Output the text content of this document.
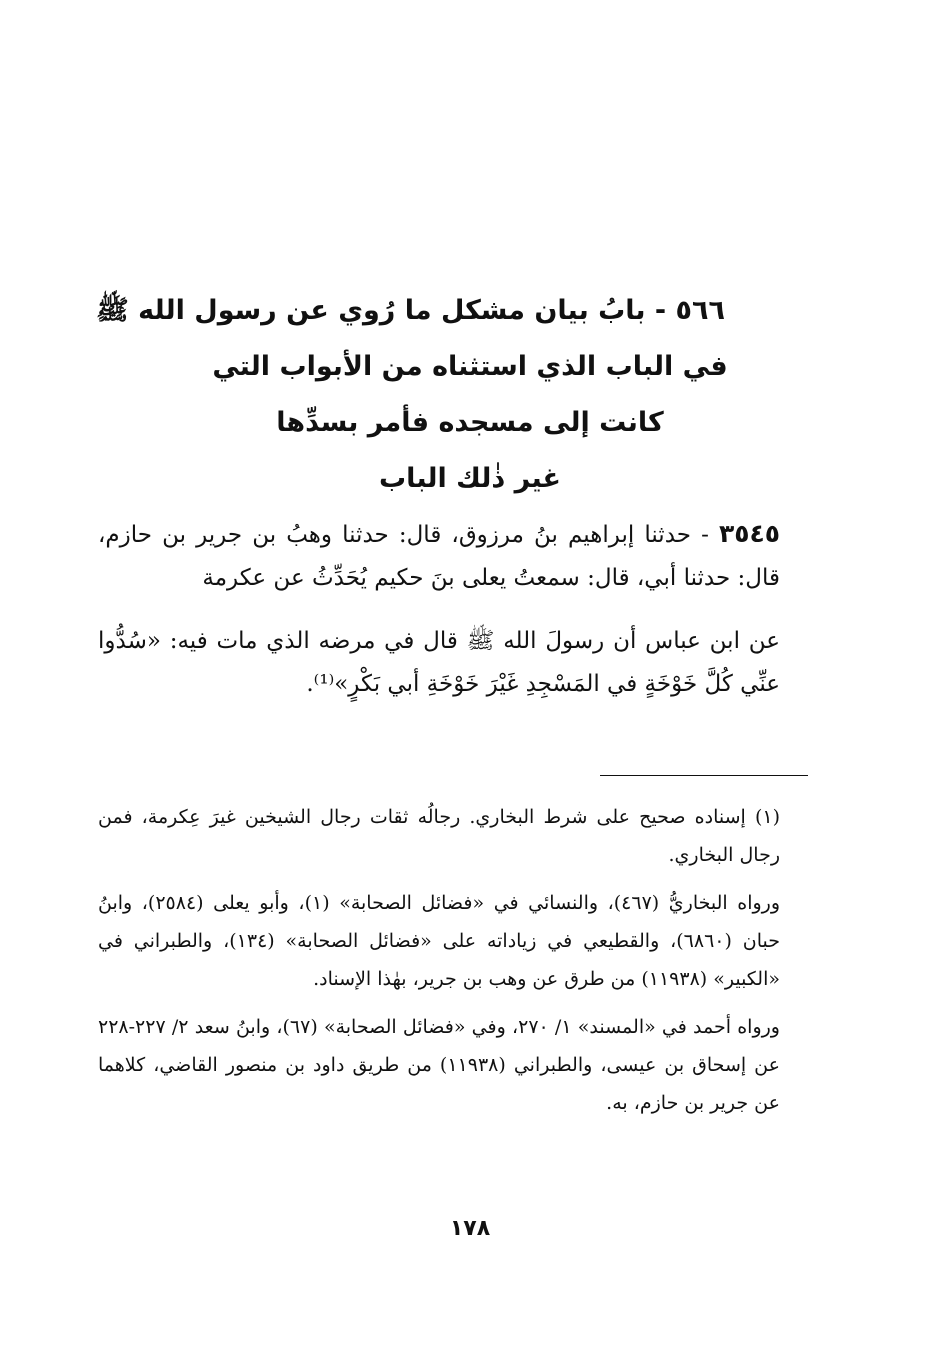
٥٦٦ - بابُ بيان مشكل ما رُوي عن رسول الله ﷺ
في الباب الذي استثناه من الأبواب التي
كانت إلى مسجده فأمر بسدِّها
غير ذٰلك الباب

٣٥٤٥ - حدثنا إبراهيم بنُ مرزوق، قال: حدثنا وهبُ بن جرير بن حازم، قال: حدثنا أبي، قال: سمعتُ يعلى بنَ حكيم يُحَدِّثُ عن عكرمة

عن ابن عباس أن رسولَ الله ﷺ قال في مرضه الذي مات فيه: «سُدُّوا عنِّي كُلَّ خَوْخَةٍ في المَسْجِدِ غَيْرَ خَوْخَةِ أبي بَكْرٍ»⁽¹⁾.

(١) إسناده صحيح على شرط البخاري. رجالُه ثقات رجال الشيخين غيرَ عِكرمة، فمن رجال البخاري.

ورواه البخاريُّ (٤٦٧)، والنسائي في «فضائل الصحابة» (١)، وأبو يعلى (٢٥٨٤)، وابنُ حبان (٦٨٦٠)، والقطيعي في زياداته على «فضائل الصحابة» (١٣٤)، والطبراني في «الكبير» (١١٩٣٨) من طرق عن وهب بن جرير، بهٰذا الإسناد.

ورواه أحمد في «المسند» ١/ ٢٧٠، وفي «فضائل الصحابة» (٦٧)، وابنُ سعد ٢/ ٢٢٧-٢٢٨ عن إسحاق بن عيسى، والطبراني (١١٩٣٨) من طريق داود بن منصور القاضي، كلاهما عن جرير بن حازم، به.

١٧٨
